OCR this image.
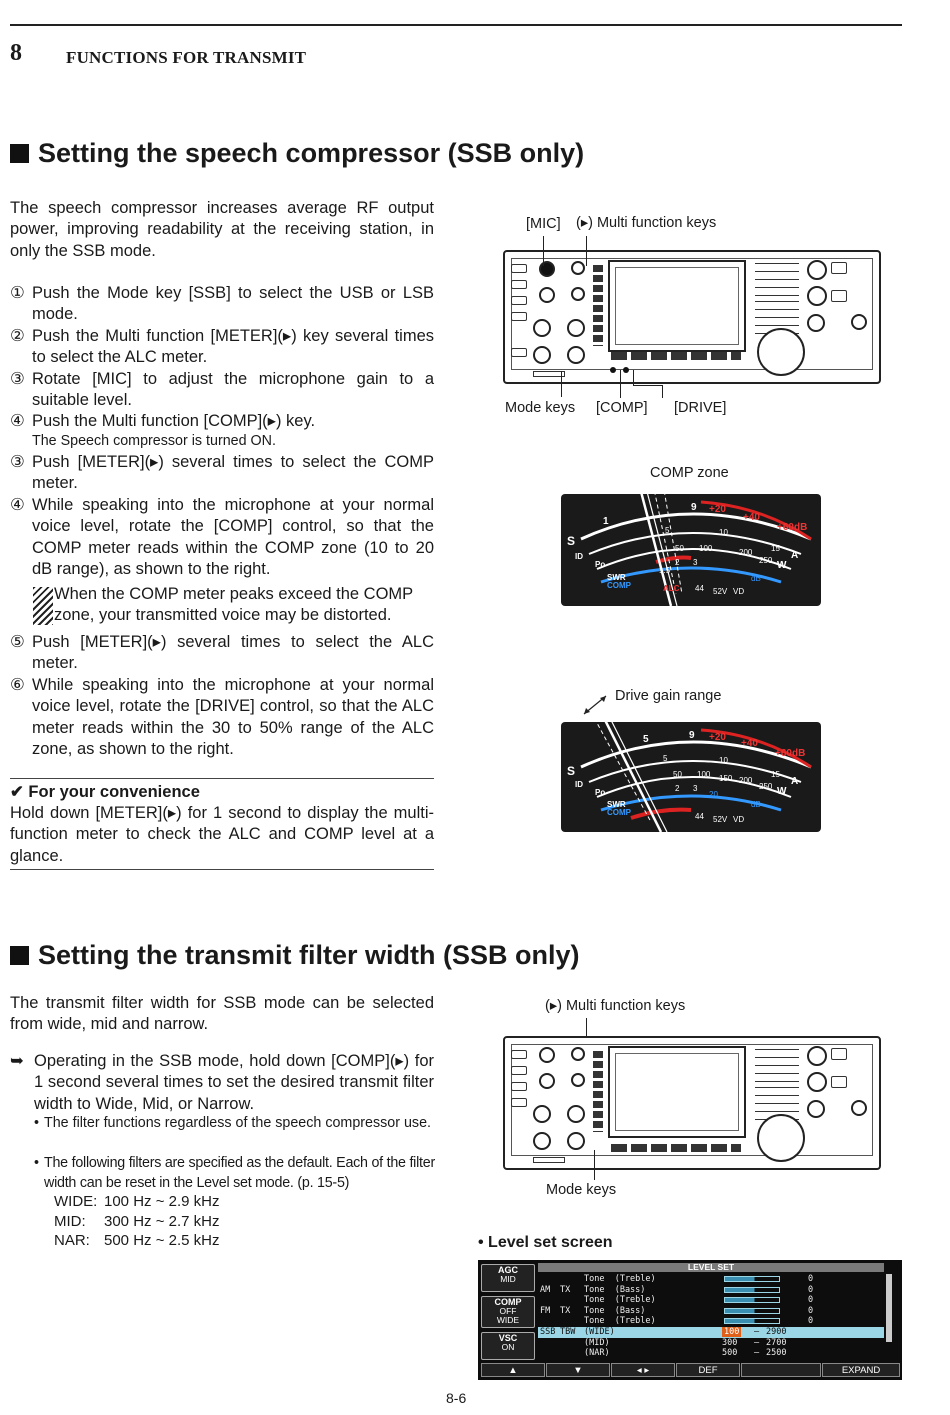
8	FUNCTIONS FOR TRANSMIT
Setting the speech compressor (SSB only)
The speech compressor increases average RF output power, improving readability at the receiving station, in only the SSB mode.
① Push the Mode key [SSB] to select the USB or LSB mode.
② Push the Multi function [METER](▸) key several times to select the ALC meter.
③ Rotate [MIC] to adjust the microphone gain to a suitable level.
④ Push the Multi function [COMP](▸) key.
The Speech compressor is turned ON.
③ Push [METER](▸) several times to select the COMP meter.
④ While speaking into the microphone at your normal voice level, rotate the [COMP] control, so that the COMP meter reads within the COMP zone (10 to 20 dB range), as shown to the right.
When the COMP meter peaks exceed the COMP zone, your transmitted voice may be distorted.
⑤ Push [METER](▸) several times to select the ALC meter.
⑥ While speaking into the microphone at your normal voice level, rotate the [DRIVE] control, so that the ALC meter reads within the 30 to 50% range of the ALC zone, as shown to the right.
✔ For your convenience
Hold down [METER](▸) for 1 second to display the multi-function meter to check the ALC and COMP level at a glance.
[MIC] (▸) Multi function keys
Mode keys [COMP] [DRIVE]
COMP zone
S
1
9 +20
+40
+60dB
ID
5	10
15
A
Po
50 100	200
250 W
SWR
COMP
1.5
2 3
dB
ALC 44 52V VD
Drive gain range
S
5	9 +20
+40
+60dB
ID
5	10
15
A
Po
50 100 150 200
250 W
SWR
COMP
2 3
20
dB
44 52V VD
Setting the transmit filter width (SSB only)
The transmit filter width for SSB mode can be selected from wide, mid and narrow.
➥ Operating in the SSB mode, hold down [COMP](▸) for 1 second several times to set the desired transmit filter width to Wide, Mid, or Narrow.
• The filter functions regardless of the speech compressor use.
• The following filters are specified as the default. Each of the filter width can be reset in the Level set mode. (p. 15-5)
WIDE: 100 Hz ~ 2.9 kHz
MID: 300 Hz ~ 2.7 kHz
NAR: 500 Hz ~ 2.5 kHz
(▸) Multi function keys
Mode keys
• Level set screen
LEVEL SET
AGC
MID
COMP
OFF
WIDE
VSC
ON
Tone  (Treble)	0
AM TX Tone  (Bass)	0
Tone  (Treble)	0
FM TX Tone  (Bass)	0
Tone  (Treble)	0
SSB TBW (WIDE)	100 – 2900
(MID)	300 – 2700
(NAR)	500 – 2500
▲	▼	◂ ▸	DEF	EXPAND
8-6
